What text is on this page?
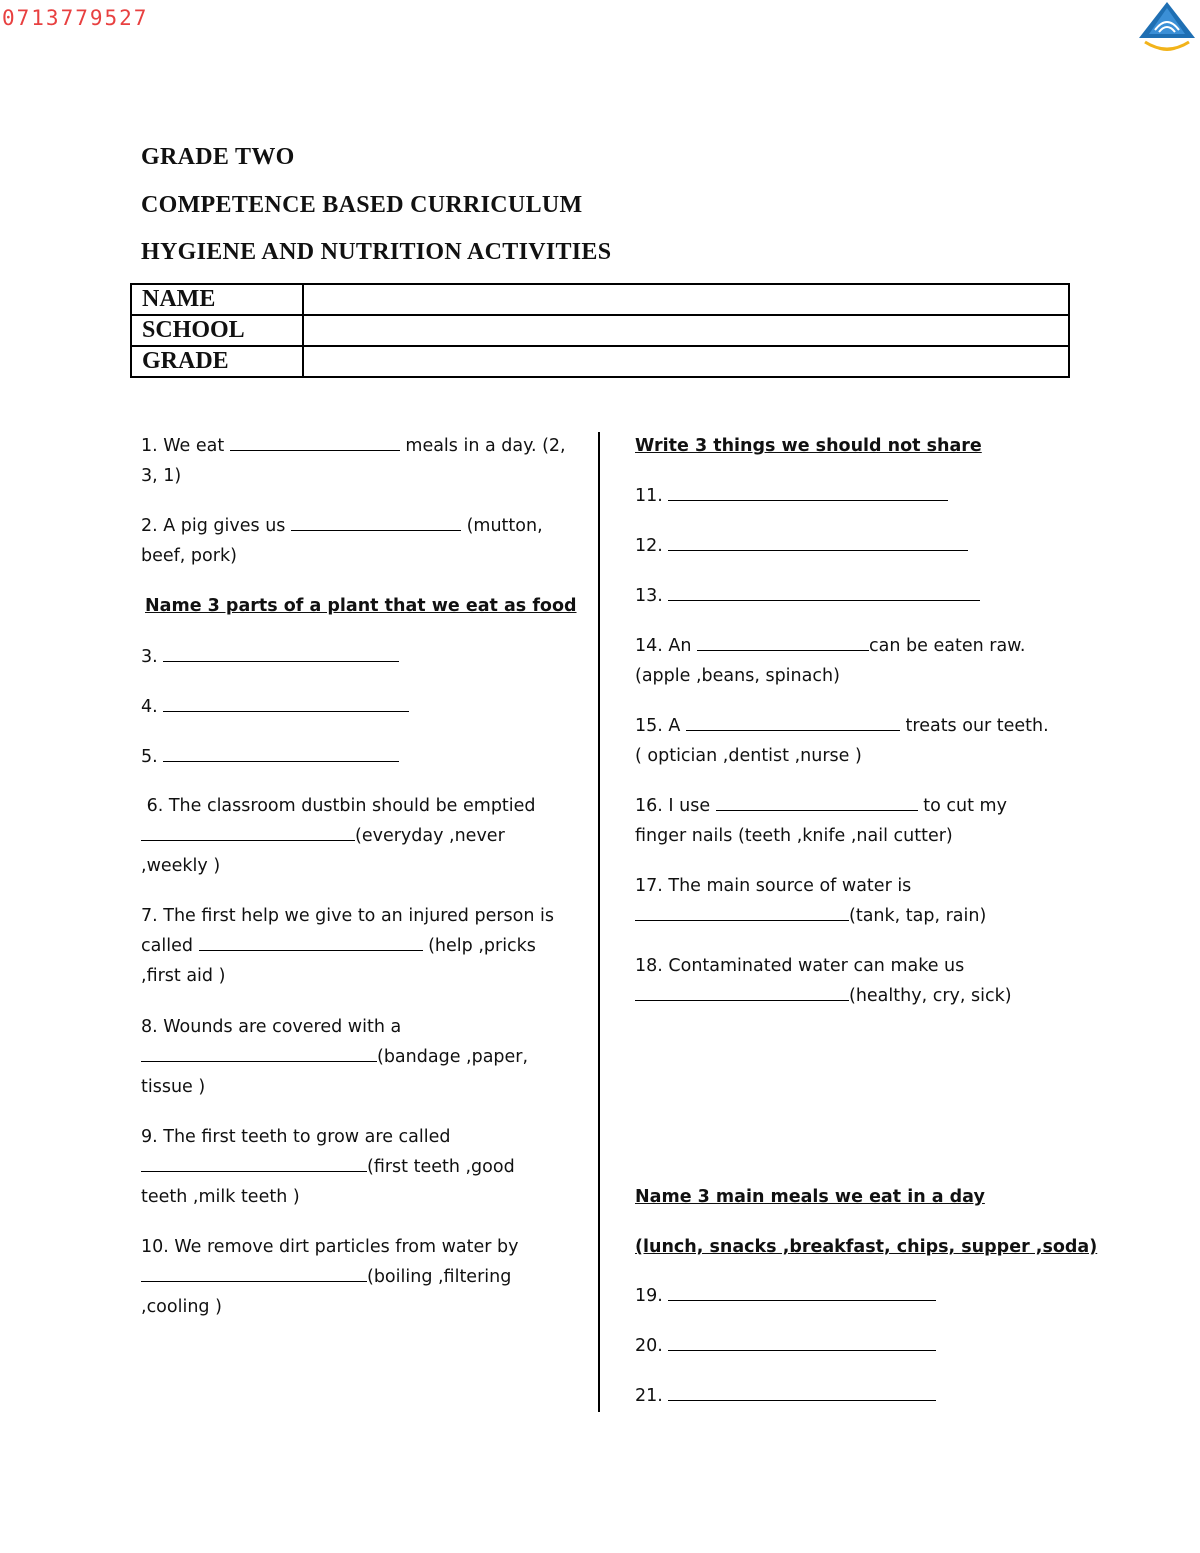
0713779527
GRADE TWO
COMPETENCE BASED CURRICULUM
HYGIENE AND NUTRITION ACTIVITIES
NAME	
SCHOOL	
GRADE	
1. We eat	meals in a day. (2,
3, 1)
2. A pig gives us	(mutton,
beef, pork)
Name 3 parts of a plant that we eat as food
3.
4.
5.
6. The classroom dustbin should be emptied
(everyday ,never
,weekly )
7. The first help we give to an injured person is
called	(help ,pricks
,first aid )
8. Wounds are covered with a
(bandage ,paper,
tissue )
9. The first teeth to grow are called
(first teeth ,good
teeth ,milk teeth )
10. We remove dirt particles from water by
(boiling ,filtering
,cooling )
Write 3 things we should not share
11.
12.
13.
14. An	can be eaten raw.
(apple ,beans, spinach)
15. A	treats our teeth.
( optician ,dentist ,nurse )
16. I use	to cut my
finger nails (teeth ,knife ,nail cutter)
17. The main source of water is
(tank, tap, rain)
18. Contaminated water can make us
(healthy, cry, sick)
Name 3 main meals we eat in a day
(lunch, snacks ,breakfast, chips, supper ,soda)
19.
20.
21.
